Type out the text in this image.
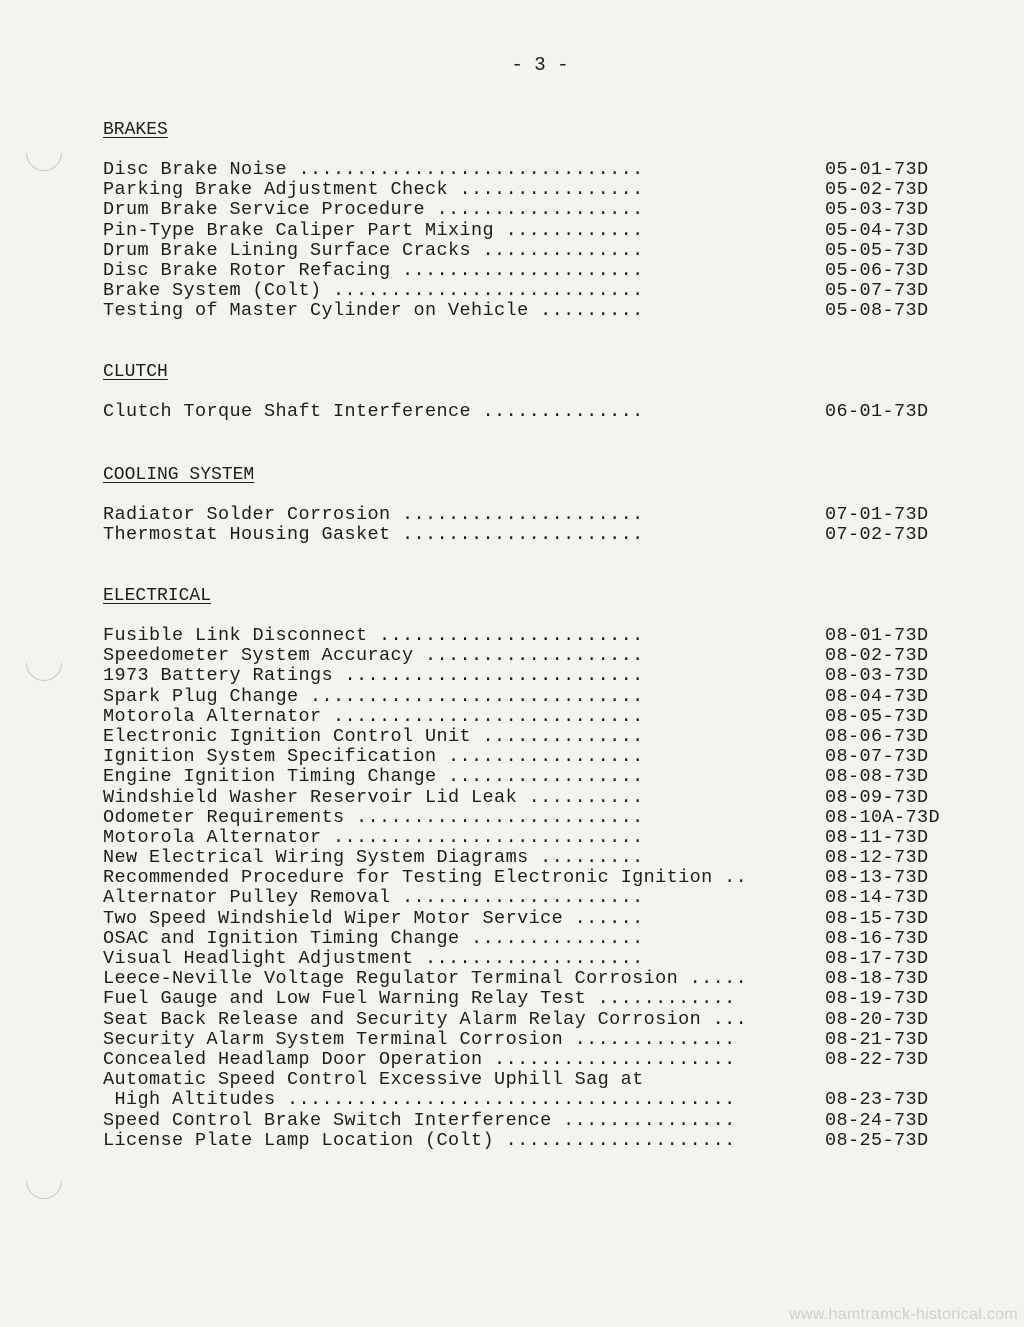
- 3 -
BRAKES
Disc Brake Noise ..............................	05-01-73D
Parking Brake Adjustment Check ................	05-02-73D
Drum Brake Service Procedure ..................	05-03-73D
Pin-Type Brake Caliper Part Mixing ............	05-04-73D
Drum Brake Lining Surface Cracks ..............	05-05-73D
Disc Brake Rotor Refacing .....................	05-06-73D
Brake System (Colt) ...........................	05-07-73D
Testing of Master Cylinder on Vehicle .........	05-08-73D
CLUTCH
Clutch Torque Shaft Interference ..............	06-01-73D
COOLING SYSTEM
Radiator Solder Corrosion .....................	07-01-73D
Thermostat Housing Gasket .....................	07-02-73D
ELECTRICAL
Fusible Link Disconnect .......................	08-01-73D
Speedometer System Accuracy ...................	08-02-73D
1973 Battery Ratings ..........................	08-03-73D
Spark Plug Change .............................	08-04-73D
Motorola Alternator ...........................	08-05-73D
Electronic Ignition Control Unit ..............	08-06-73D
Ignition System Specification .................	08-07-73D
Engine Ignition Timing Change .................	08-08-73D
Windshield Washer Reservoir Lid Leak ..........	08-09-73D
Odometer Requirements .........................	08-10A-73D
Motorola Alternator ...........................	08-11-73D
New Electrical Wiring System Diagrams .........	08-12-73D
Recommended Procedure for Testing Electronic Ignition ..	08-13-73D
Alternator Pulley Removal .....................	08-14-73D
Two Speed Windshield Wiper Motor Service ......	08-15-73D
OSAC and Ignition Timing Change ...............	08-16-73D
Visual Headlight Adjustment ...................	08-17-73D
Leece-Neville Voltage Regulator Terminal Corrosion .....	08-18-73D
Fuel Gauge and Low Fuel Warning Relay Test ............	08-19-73D
Seat Back Release and Security Alarm Relay Corrosion ...	08-20-73D
Security Alarm System Terminal Corrosion ..............	08-21-73D
Concealed Headlamp Door Operation .....................	08-22-73D
Automatic Speed Control Excessive Uphill Sag at
High Altitudes .......................................	08-23-73D
Speed Control Brake Switch Interference ...............	08-24-73D
License Plate Lamp Location (Colt) ....................	08-25-73D
www.hamtramck-historical.com
